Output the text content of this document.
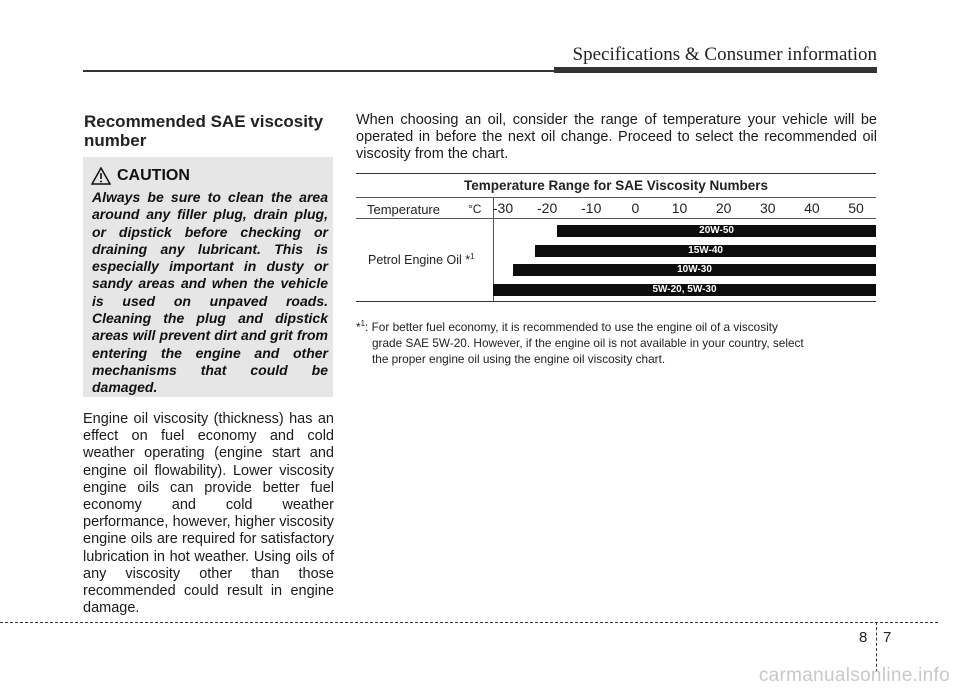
Specifications & Consumer information
Recommended SAE viscosity number
CAUTION
Always be sure to clean the area around any filler plug, drain plug, or dipstick before checking or draining any lubricant. This is especially important in dusty or sandy areas and when the vehicle is used on unpaved roads. Cleaning the plug and dipstick areas will prevent dirt and grit from entering the engine and other mechanisms that could be damaged.
Engine oil viscosity (thickness) has an effect on fuel economy and cold weather operating (engine start and engine oil flowability). Lower viscosity engine oils can provide better fuel economy and cold weather performance, however, higher viscosity engine oils are required for satisfactory lubrication in hot weather. Using oils of any viscosity other than those recommended could result in engine damage.
When choosing an oil, consider the range of temperature your vehicle will be operated in before the next oil change. Proceed to select the recommended oil viscosity from the chart.
Temperature Range for SAE Viscosity Numbers
Temperature °C
Petrol Engine Oil *$^1$
-30 -20 -10 0 10 20 30 40 50
20W-50
15W-40
10W-30
5W-20, 5W-30
*$^1$: For better fuel economy, it is recommended to use the engine oil of a viscosity
grade SAE 5W-20. However, if the engine oil is not available in your country, select
the proper engine oil using the engine oil viscosity chart.
8 7
carmanualsonline.info
